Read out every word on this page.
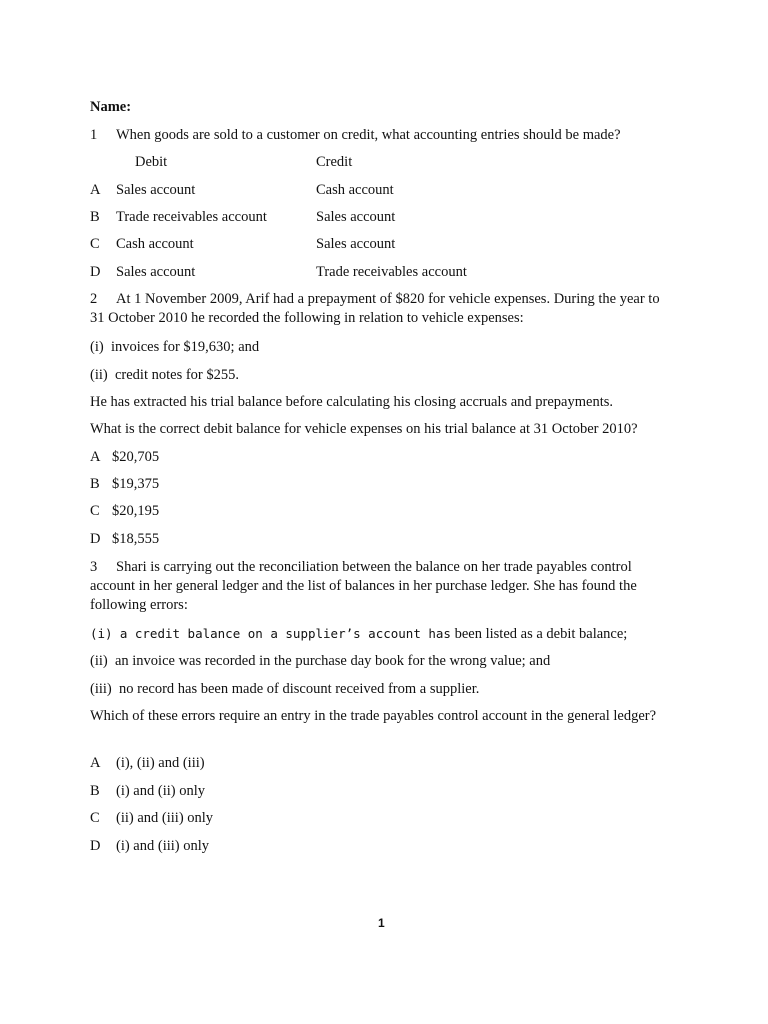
Name:
1 When goods are sold to a customer on credit, what accounting entries should be made?
Debit	Credit
A Sales account	Cash account
B Trade receivables account	Sales account
C Cash account	Sales account
D Sales account	Trade receivables account
2 At 1 November 2009, Arif had a prepayment of $820 for vehicle expenses. During the year to 31 October 2010 he recorded the following in relation to vehicle expenses:
(i) invoices for $19,630; and
(ii) credit notes for $255.
He has extracted his trial balance before calculating his closing accruals and prepayments.
What is the correct debit balance for vehicle expenses on his trial balance at 31 October 2010?
A $20,705
B $19,375
C $20,195
D $18,555
3 Shari is carrying out the reconciliation between the balance on her trade payables control account in her general ledger and the list of balances in her purchase ledger. She has found the following errors:
(i) a credit balance on a supplier’s account has been listed as a debit balance;
(ii) an invoice was recorded in the purchase day book for the wrong value; and
(iii) no record has been made of discount received from a supplier.
Which of these errors require an entry in the trade payables control account in the general ledger?
A (i), (ii) and (iii)
B (i) and (ii) only
C (ii) and (iii) only
D (i) and (iii) only
1
